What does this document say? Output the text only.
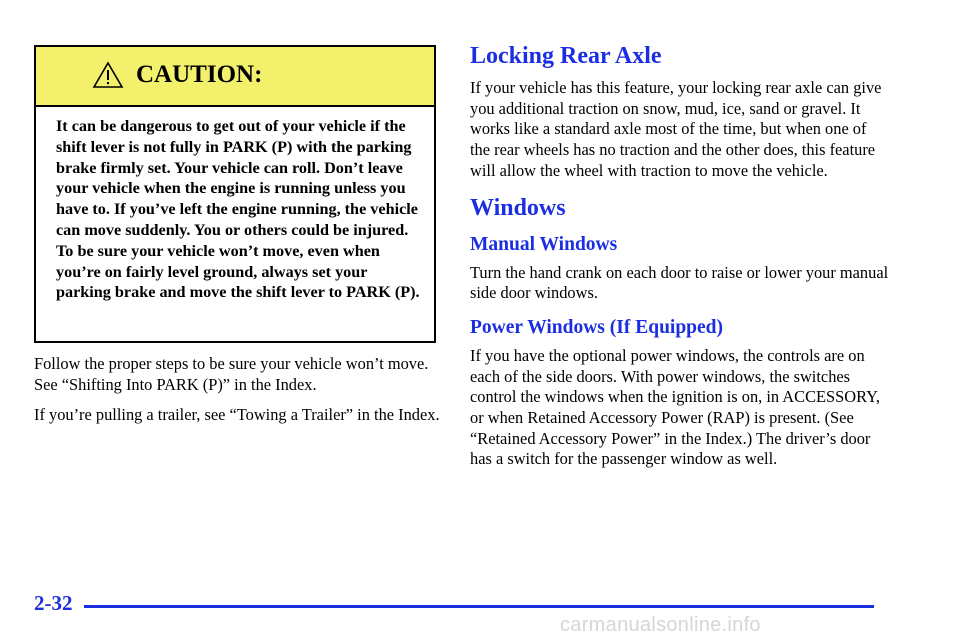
CAUTION:
It can be dangerous to get out of your vehicle if the shift lever is not fully in PARK (P) with the parking brake firmly set. Your vehicle can roll. Don’t leave your vehicle when the engine is running unless you have to. If you’ve left the engine running, the vehicle can move suddenly. You or others could be injured. To be sure your vehicle won’t move, even when you’re on fairly level ground, always set your parking brake and move the shift lever to PARK (P).

Follow the proper steps to be sure your vehicle won’t move. See “Shifting Into PARK (P)” in the Index.

If you’re pulling a trailer, see “Towing a Trailer” in the Index.

Locking Rear Axle

If your vehicle has this feature, your locking rear axle can give you additional traction on snow, mud, ice, sand or gravel. It works like a standard axle most of the time, but when one of the rear wheels has no traction and the other does, this feature will allow the wheel with traction to move the vehicle.

Windows
Manual Windows

Turn the hand crank on each door to raise or lower your manual side door windows.

Power Windows (If Equipped)

If you have the optional power windows, the controls are on each of the side doors. With power windows, the switches control the windows when the ignition is on, in ACCESSORY, or when Retained Accessory Power (RAP) is present. (See “Retained Accessory Power” in the Index.) The driver’s door has a switch for the passenger window as well.

2-32
carmanualsonline.info
